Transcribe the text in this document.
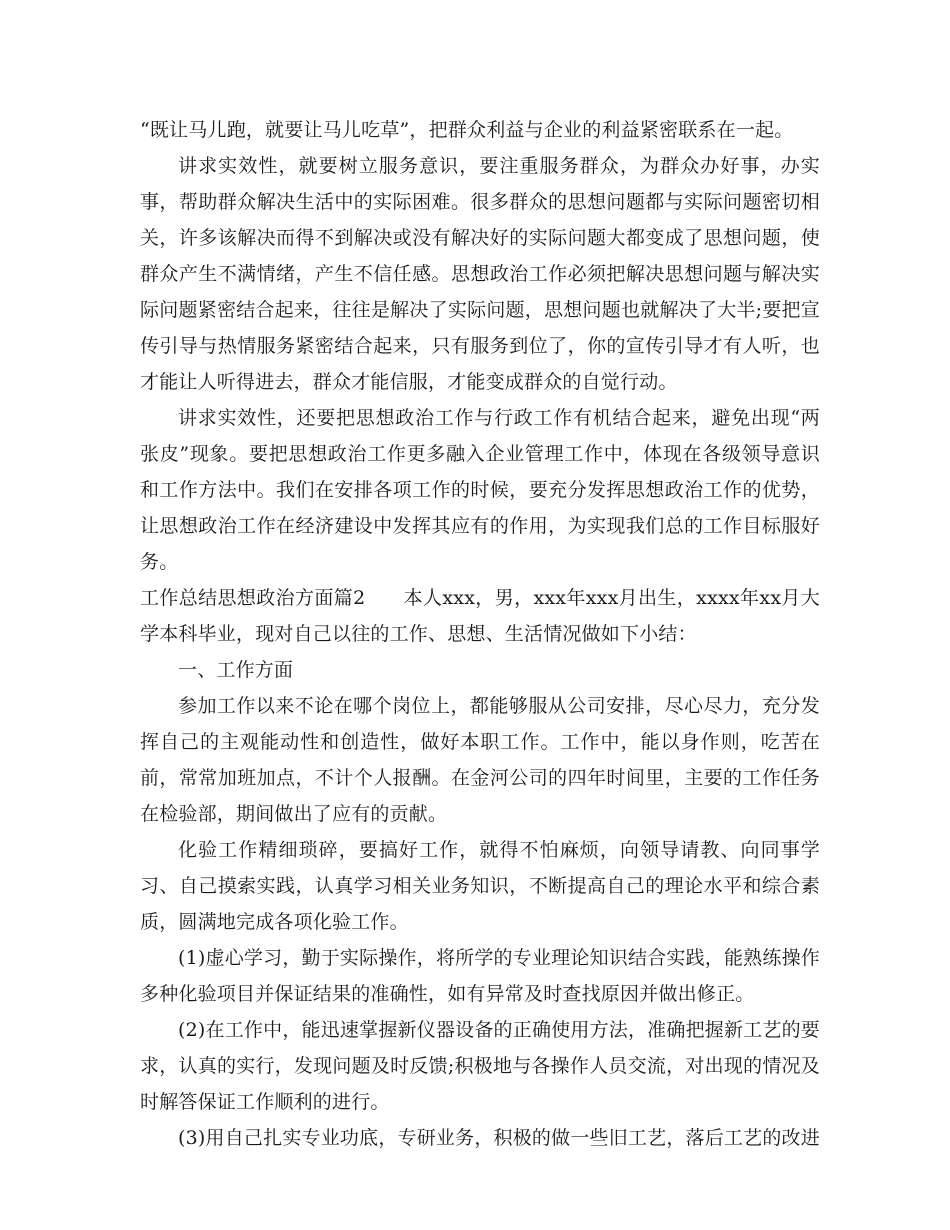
“既让马儿跑，就要让马儿吃草”，把群众利益与企业的利益紧密联系在一起。

讲求实效性，就要树立服务意识，要注重服务群众，为群众办好事，办实事，帮助群众解决生活中的实际困难。很多群众的思想问题都与实际问题密切相关，许多该解决而得不到解决或没有解决好的实际问题大都变成了思想问题，使群众产生不满情绪，产生不信任感。思想政治工作必须把解决思想问题与解决实际问题紧密结合起来，往往是解决了实际问题，思想问题也就解决了大半;要把宣传引导与热情服务紧密结合起来，只有服务到位了，你的宣传引导才有人听，也才能让人听得进去，群众才能信服，才能变成群众的自觉行动。

讲求实效性，还要把思想政治工作与行政工作有机结合起来，避免出现“两张皮”现象。要把思想政治工作更多融入企业管理工作中，体现在各级领导意识和工作方法中。我们在安排各项工作的时候，要充分发挥思想政治工作的优势，让思想政治工作在经济建设中发挥其应有的作用，为实现我们总的工作目标服好务。

工作总结思想政治方面篇2 本人xxx，男，xxx年xxx月出生，xxxx年xx月大学本科毕业，现对自己以往的工作、思想、生活情况做如下小结：

一、工作方面

参加工作以来不论在哪个岗位上，都能够服从公司安排，尽心尽力，充分发挥自己的主观能动性和创造性，做好本职工作。工作中，能以身作则，吃苦在前，常常加班加点，不计个人报酬。在金河公司的四年时间里，主要的工作任务在检验部，期间做出了应有的贡献。

化验工作精细琐碎，要搞好工作，就得不怕麻烦，向领导请教、向同事学习、自己摸索实践，认真学习相关业务知识，不断提高自己的理论水平和综合素质，圆满地完成各项化验工作。

(1)虚心学习，勤于实际操作，将所学的专业理论知识结合实践，能熟练操作多种化验项目并保证结果的准确性，如有异常及时查找原因并做出修正。

(2)在工作中，能迅速掌握新仪器设备的正确使用方法，准确把握新工艺的要求，认真的实行，发现问题及时反馈;积极地与各操作人员交流，对出现的情况及时解答保证工作顺利的进行。

(3)用自己扎实专业功底，专研业务，积极的做一些旧工艺，落后工艺的改进
